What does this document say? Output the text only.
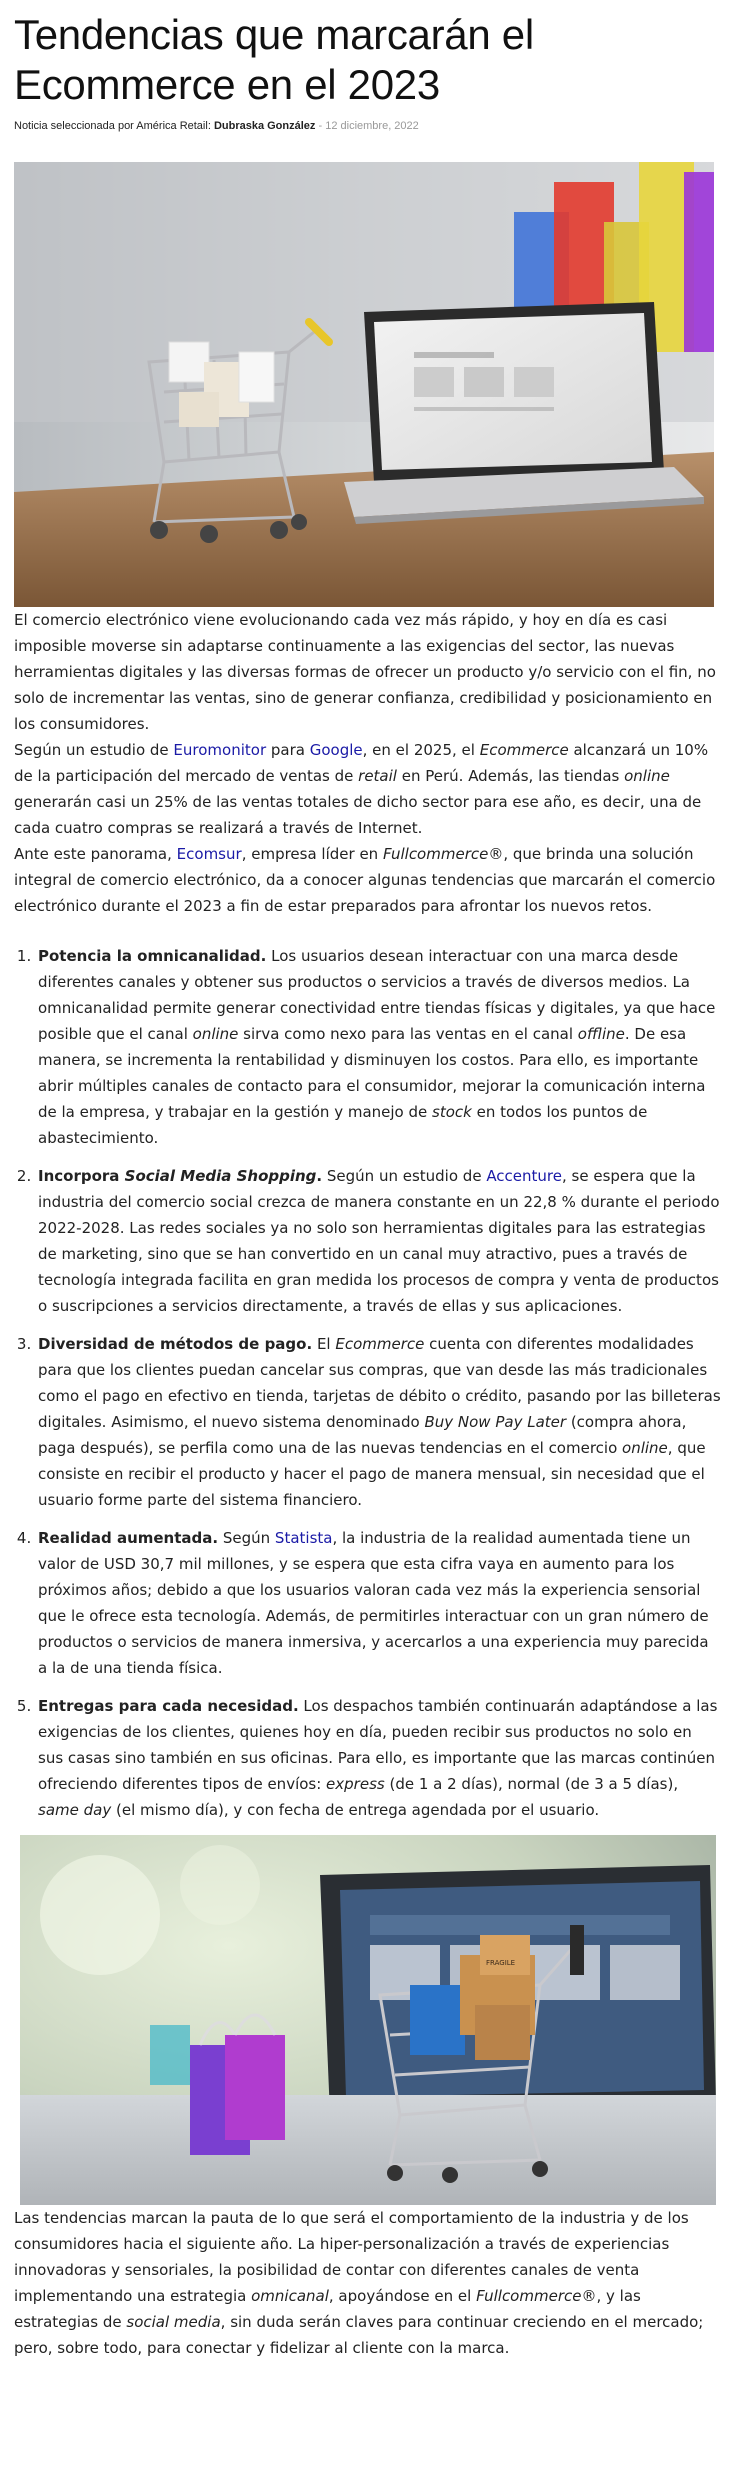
Tendencias que marcarán el Ecommerce en el 2023
Noticia seleccionada por América Retail: Dubraska González - 12 diciembre, 2022

El comercio electrónico viene evolucionando cada vez más rápido, y hoy en día es casi imposible moverse sin adaptarse continuamente a las exigencias del sector, las nuevas herramientas digitales y las diversas formas de ofrecer un producto y/o servicio con el fin, no solo de incrementar las ventas, sino de generar confianza, credibilidad y posicionamiento en los consumidores.

Según un estudio de Euromonitor para Google, en el 2025, el Ecommerce alcanzará un 10% de la participación del mercado de ventas de retail en Perú. Además, las tiendas online generarán casi un 25% de las ventas totales de dicho sector para ese año, es decir, una de cada cuatro compras se realizará a través de Internet.

Ante este panorama, Ecomsur, empresa líder en Fullcommerce®, que brinda una solución integral de comercio electrónico, da a conocer algunas tendencias que marcarán el comercio electrónico durante el 2023 a fin de estar preparados para afrontar los nuevos retos.

1. Potencia la omnicanalidad. Los usuarios desean interactuar con una marca desde diferentes canales y obtener sus productos o servicios a través de diversos medios. La omnicanalidad permite generar conectividad entre tiendas físicas y digitales, ya que hace posible que el canal online sirva como nexo para las ventas en el canal offline. De esa manera, se incrementa la rentabilidad y disminuyen los costos. Para ello, es importante abrir múltiples canales de contacto para el consumidor, mejorar la comunicación interna de la empresa, y trabajar en la gestión y manejo de stock en todos los puntos de abastecimiento.
2. Incorpora Social Media Shopping. Según un estudio de Accenture, se espera que la industria del comercio social crezca de manera constante en un 22,8 % durante el periodo 2022-2028. Las redes sociales ya no solo son herramientas digitales para las estrategias de marketing, sino que se han convertido en un canal muy atractivo, pues a través de tecnología integrada facilita en gran medida los procesos de compra y venta de productos o suscripciones a servicios directamente, a través de ellas y sus aplicaciones.
3. Diversidad de métodos de pago. El Ecommerce cuenta con diferentes modalidades para que los clientes puedan cancelar sus compras, que van desde las más tradicionales como el pago en efectivo en tienda, tarjetas de débito o crédito, pasando por las billeteras digitales. Asimismo, el nuevo sistema denominado Buy Now Pay Later (compra ahora, paga después), se perfila como una de las nuevas tendencias en el comercio online, que consiste en recibir el producto y hacer el pago de manera mensual, sin necesidad que el usuario forme parte del sistema financiero.
4. Realidad aumentada. Según Statista, la industria de la realidad aumentada tiene un valor de USD 30,7 mil millones, y se espera que esta cifra vaya en aumento para los próximos años; debido a que los usuarios valoran cada vez más la experiencia sensorial que le ofrece esta tecnología. Además, de permitirles interactuar con un gran número de productos o servicios de manera inmersiva, y acercarlos a una experiencia muy parecida a la de una tienda física.
5. Entregas para cada necesidad. Los despachos también continuarán adaptándose a las exigencias de los clientes, quienes hoy en día, pueden recibir sus productos no solo en sus casas sino también en sus oficinas. Para ello, es importante que las marcas continúen ofreciendo diferentes tipos de envíos: express (de 1 a 2 días), normal (de 3 a 5 días), same day (el mismo día), y con fecha de entrega agendada por el usuario.
FRAGILE

Las tendencias marcan la pauta de lo que será el comportamiento de la industria y de los consumidores hacia el siguiente año. La hiper-personalización a través de experiencias innovadoras y sensoriales, la posibilidad de contar con diferentes canales de venta implementando una estrategia omnicanal, apoyándose en el Fullcommerce®, y las estrategias de social media, sin duda serán claves para continuar creciendo en el mercado; pero, sobre todo, para conectar y fidelizar al cliente con la marca.
